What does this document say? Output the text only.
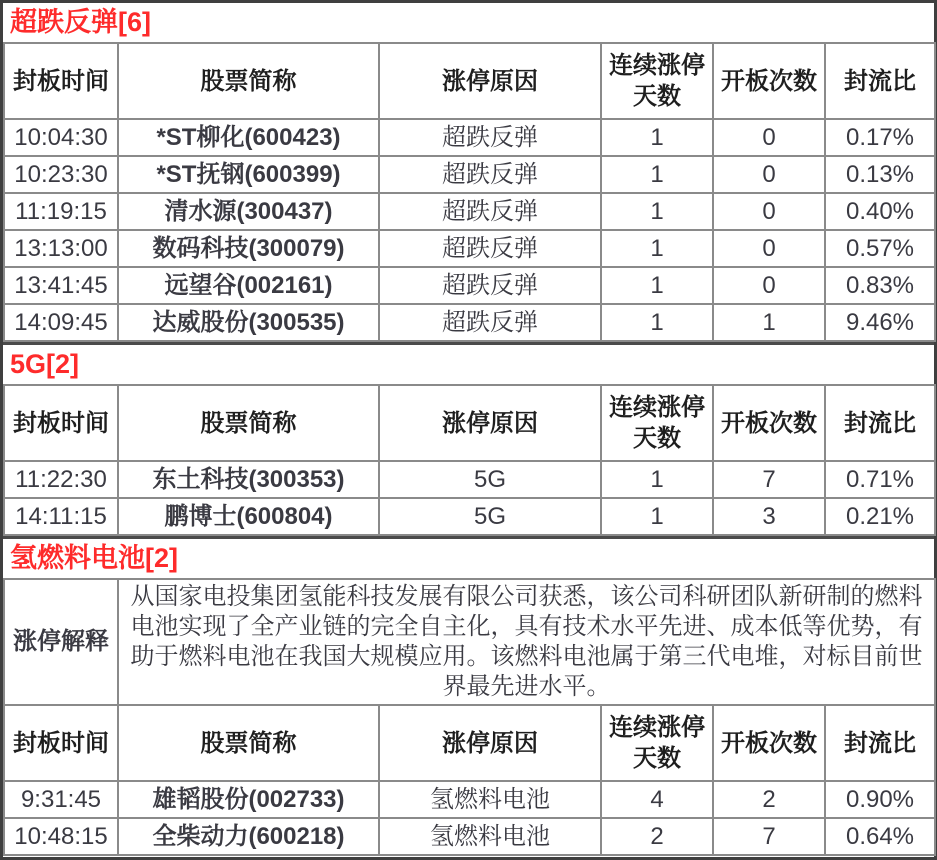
超跌反弹[6]
封板时间	股票简称	涨停原因	连续涨停天数	开板次数	封流比
10:04:30	*ST柳化(600423)	超跌反弹	1	0	0.17%
10:23:30	*ST抚钢(600399)	超跌反弹	1	0	0.13%
11:19:15	清水源(300437)	超跌反弹	1	0	0.40%
13:13:00	数码科技(300079)	超跌反弹	1	0	0.57%
13:41:45	远望谷(002161)	超跌反弹	1	0	0.83%
14:09:45	达威股份(300535)	超跌反弹	1	1	9.46%
5G[2]
封板时间	股票简称	涨停原因	连续涨停天数	开板次数	封流比
11:22:30	东土科技(300353)	5G	1	7	0.71%
14:11:15	鹏博士(600804)	5G	1	3	0.21%
氢燃料电池[2]
涨停解释	从国家电投集团氢能科技发展有限公司获悉，该公司科研团队新研制的燃料电池实现了全产业链的完全自主化，具有技术水平先进、成本低等优势，有助于燃料电池在我国大规模应用。该燃料电池属于第三代电堆，对标目前世界最先进水平。				
封板时间	股票简称	涨停原因	连续涨停天数	开板次数	封流比
9:31:45	雄韬股份(002733)	氢燃料电池	4	2	0.90%
10:48:15	全柴动力(600218)	氢燃料电池	2	7	0.64%
